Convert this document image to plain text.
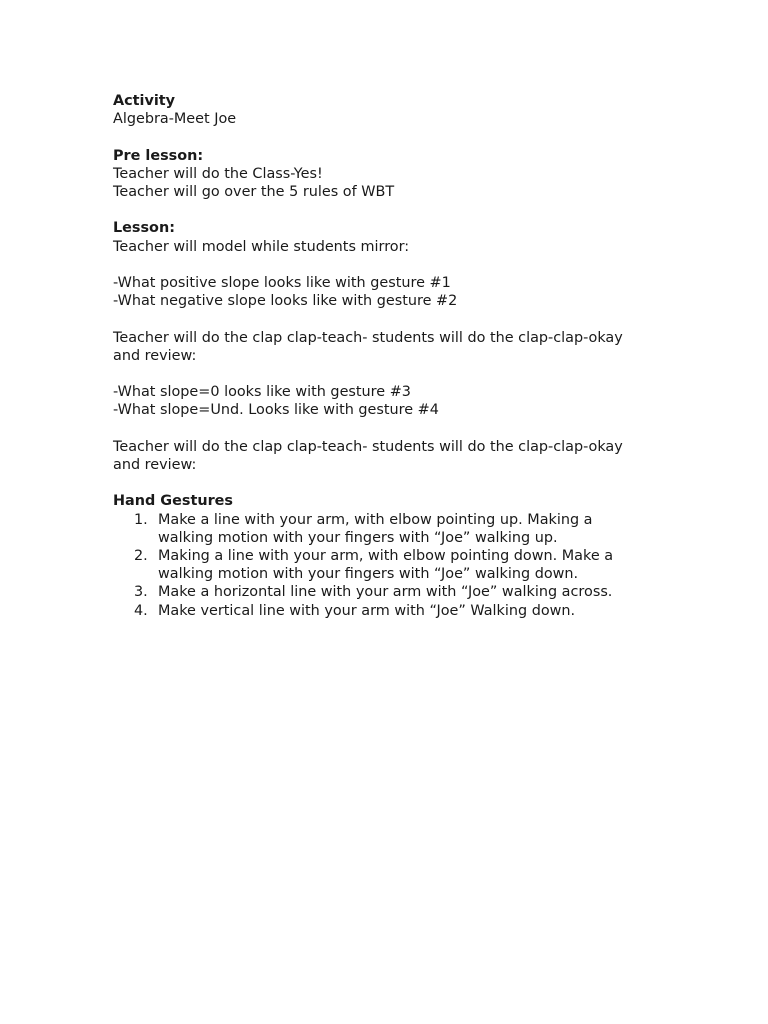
Activity
Algebra-Meet Joe
Pre lesson:
Teacher will do the Class-Yes!
Teacher will go over the 5 rules of WBT
Lesson:
Teacher will model while students mirror:
-What positive slope looks like with gesture #1
-What negative slope looks like with gesture #2
Teacher will do the clap clap-teach- students will do the clap-clap-okay
and review:
-What slope=0 looks like with gesture #3
-What slope=Und. Looks like with gesture #4
Teacher will do the clap clap-teach- students will do the clap-clap-okay
and review:
Hand Gestures
1. Make a line with your arm, with elbow pointing up. Making a
walking motion with your fingers with “Joe” walking up.
2. Making a line with your arm, with elbow pointing down. Make a
walking motion with your fingers with “Joe” walking down.
3. Make a horizontal line with your arm with “Joe” walking across.
4. Make vertical line with your arm with “Joe” Walking down.
